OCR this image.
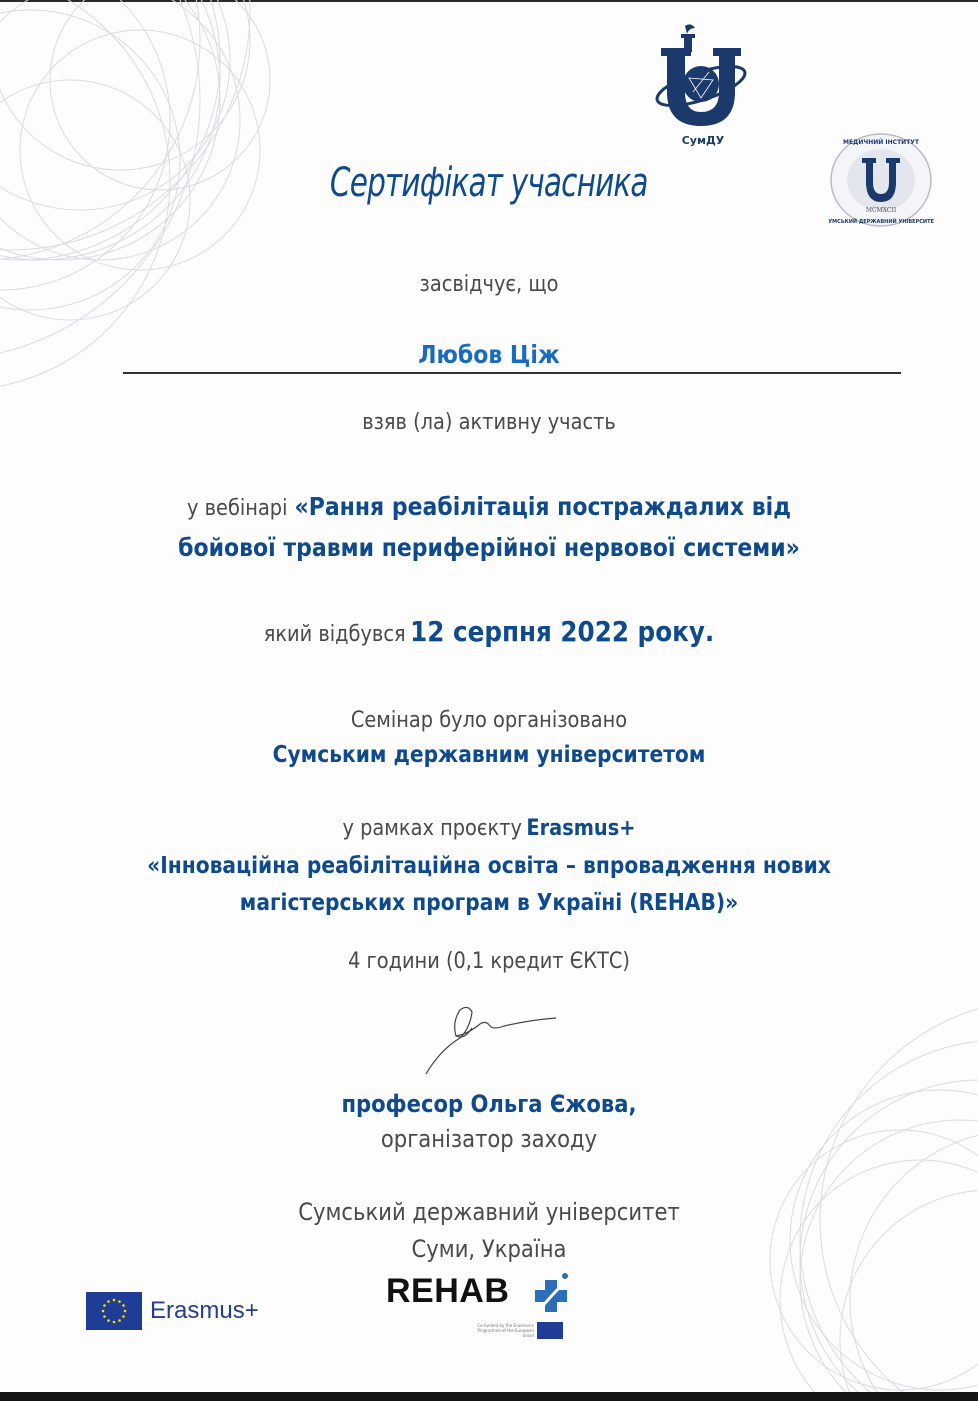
СумДУ
MCMXCII
МЕДИЧНИЙ ІНСТИТУТ
СУМСЬКИЙ ДЕРЖАВНИЙ УНІВЕРСИТЕТ
Сертифікат учасника
засвідчує, що
Любов Ціж
взяв (ла) активну участь
у вебінарі «Рання реабілітація постраждалих від
бойової травми периферійної нервової системи»
який відбувся 12 серпня 2022 року.
Семінар було організовано
Сумським державним університетом
у рамках проєкту Erasmus+
«Інноваційна реабілітаційна освіта – впровадження нових
магістерських програм в Україні (REHAB)»
4 години (0,1 кредит ЄКТС)
професор Ольга Єжова,
організатор заходу
Сумський державний університет
Суми, Україна
Erasmus+
REHAB
Co-funded by the Erasmus+ Programme of the European Union
